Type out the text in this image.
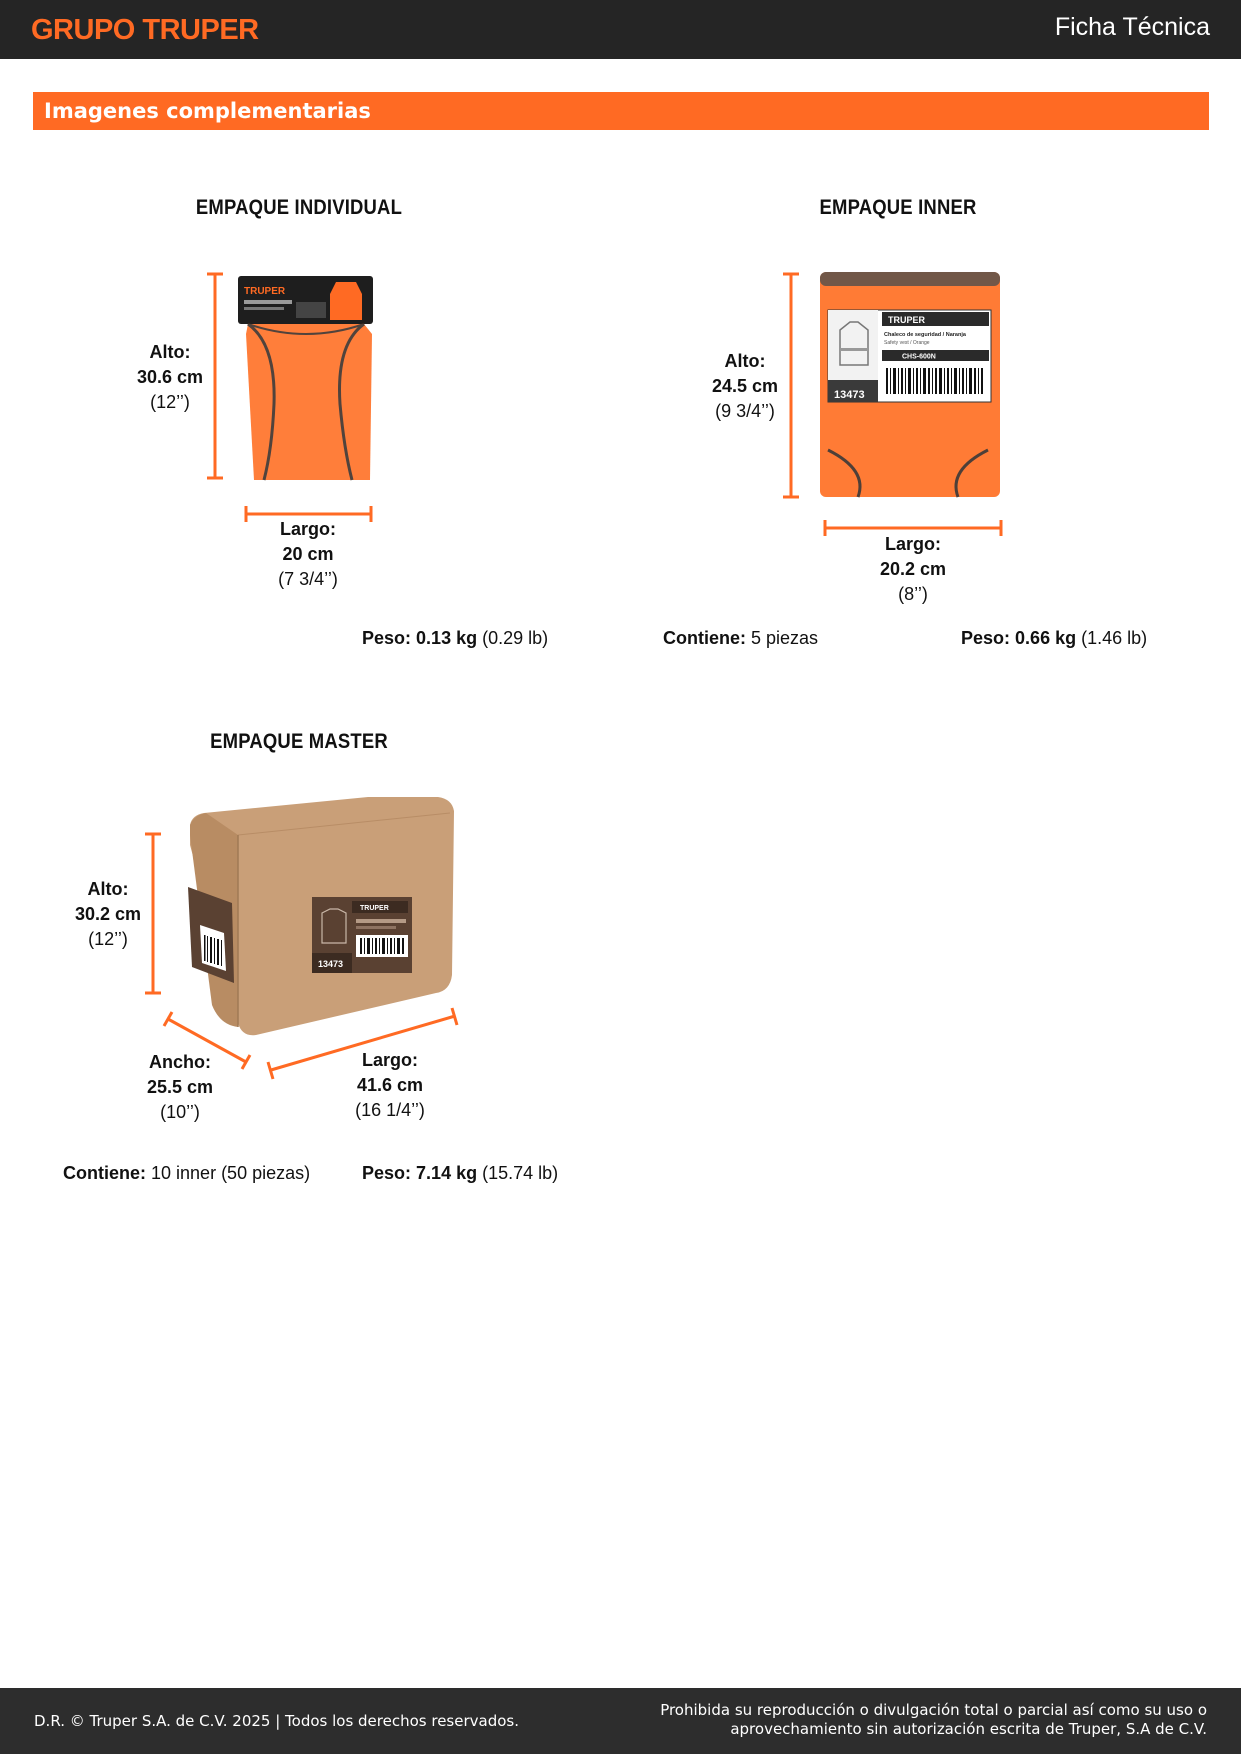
GRUPO TRUPER	Ficha Técnica
Imagenes complementarias
EMPAQUE INDIVIDUAL
TRUPER
Alto:
30.6 cm
(12’’)
Largo:
20 cm
(7 3/4’’)
Peso: 0.13 kg (0.29 lb)
EMPAQUE INNER
13473
TRUPER
Chaleco de seguridad / Naranja
Safety vest / Orange
CHS-600N
Alto:
24.5 cm
(9 3/4’’)
Largo:
20.2 cm
(8’’)
Contiene: 5 piezas	Peso: 0.66 kg (1.46 lb)
EMPAQUE MASTER
TRUPER
13473
Alto:
30.2 cm
(12’’)
Ancho:
25.5 cm
(10’’)
Largo:
41.6 cm
(16 1/4’’)
Contiene: 10 inner (50 piezas)	Peso: 7.14 kg (15.74 lb)
D.R. © Truper S.A. de C.V. 2025 | Todos los derechos reservados.
Prohibida su reproducción o divulgación total o parcial así como su uso o
aprovechamiento sin autorización escrita de Truper, S.A de C.V.
